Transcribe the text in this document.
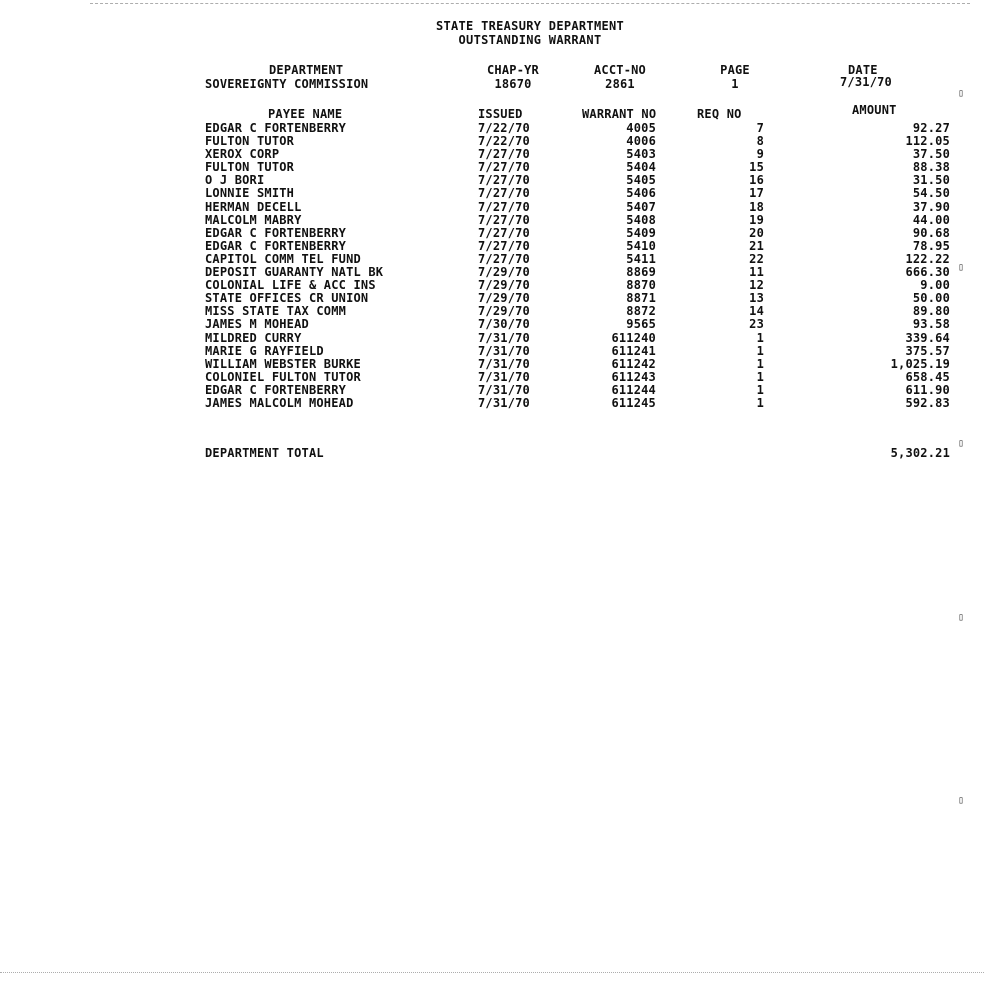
STATE TREASURY DEPARTMENT
OUTSTANDING WARRANT
DEPARTMENT	CHAP-YR	ACCT-NO	PAGE	DATE
SOVEREIGNTY COMMISSION	18670	2861	1	7/31/70
PAYEE NAME	ISSUED	WARRANT NO	REQ NO	AMOUNT
EDGAR C FORTENBERRY	7/22/70	4005	7	92.27
FULTON TUTOR	7/22/70	4006	8	112.05
XEROX CORP	7/27/70	5403	9	37.50
FULTON TUTOR	7/27/70	5404	15	88.38
O J BORI	7/27/70	5405	16	31.50
LONNIE SMITH	7/27/70	5406	17	54.50
HERMAN DECELL	7/27/70	5407	18	37.90
MALCOLM MABRY	7/27/70	5408	19	44.00
EDGAR C FORTENBERRY	7/27/70	5409	20	90.68
EDGAR C FORTENBERRY	7/27/70	5410	21	78.95
CAPITOL COMM TEL FUND	7/27/70	5411	22	122.22
DEPOSIT GUARANTY NATL BK	7/29/70	8869	11	666.30
COLONIAL LIFE & ACC INS	7/29/70	8870	12	9.00
STATE OFFICES CR UNION	7/29/70	8871	13	50.00
MISS STATE TAX COMM	7/29/70	8872	14	89.80
JAMES M MOHEAD	7/30/70	9565	23	93.58
MILDRED CURRY	7/31/70	611240	1	339.64
MARIE G RAYFIELD	7/31/70	611241	1	375.57
WILLIAM WEBSTER BURKE	7/31/70	611242	1	1,025.19
COLONIEL FULTON TUTOR	7/31/70	611243	1	658.45
EDGAR C FORTENBERRY	7/31/70	611244	1	611.90
JAMES MALCOLM MOHEAD	7/31/70	611245	1	592.83
DEPARTMENT TOTAL	5,302.21
▯
▯
▯
▯
▯
